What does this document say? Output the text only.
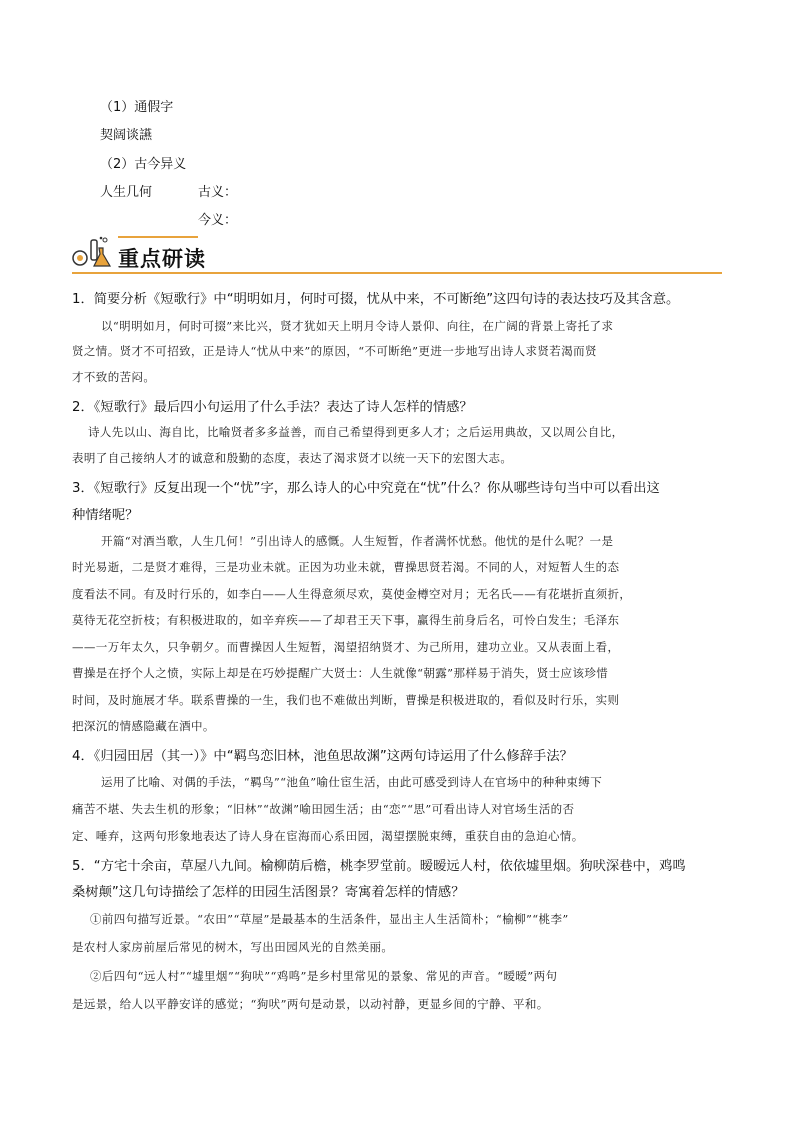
（1）通假字
契阔谈讌
（2）古今异义
人生几何	古义：
今义：
重点研读
1．简要分析《短歌行》中“明明如月，何时可掇，忧从中来，不可断绝”这四句诗的表达技巧及其含意。
以“明明如月，何时可掇”来比兴，贤才犹如天上明月令诗人景仰、向往，在广阔的背景上寄托了求
贤之情。贤才不可招致，正是诗人“忧从中来”的原因，“不可断绝”更进一步地写出诗人求贤若渴而贤
才不致的苦闷。
2．《短歌行》最后四小句运用了什么手法？表达了诗人怎样的情感？
诗人先以山、海自比，比喻贤者多多益善，而自己希望得到更多人才；之后运用典故，又以周公自比，
表明了自己接纳人才的诚意和殷勤的态度，表达了渴求贤才以统一天下的宏图大志。
3．《短歌行》反复出现一个“忧”字，那么诗人的心中究竟在“忧”什么？你从哪些诗句当中可以看出这
种情绪呢？
开篇“对酒当歌，人生几何！”引出诗人的感慨。人生短暂，作者满怀忧愁。他忧的是什么呢？一是
时光易逝，二是贤才难得，三是功业未就。正因为功业未就，曹操思贤若渴。不同的人，对短暂人生的态
度看法不同。有及时行乐的，如李白——人生得意须尽欢，莫使金樽空对月；无名氏——有花堪折直须折，
莫待无花空折枝；有积极进取的，如辛弃疾——了却君王天下事，赢得生前身后名，可怜白发生；毛泽东
——一万年太久，只争朝夕。而曹操因人生短暂，渴望招纳贤才、为己所用，建功立业。又从表面上看，
曹操是在抒个人之愤，实际上却是在巧妙提醒广大贤士：人生就像“朝露”那样易于消失，贤士应该珍惜
时间，及时施展才华。联系曹操的一生，我们也不难做出判断，曹操是积极进取的，看似及时行乐，实则
把深沉的情感隐藏在酒中。
4．《归园田居（其一）》中“羁鸟恋旧林，池鱼思故渊”这两句诗运用了什么修辞手法？
运用了比喻、对偶的手法，“羁鸟”“池鱼”喻仕宦生活，由此可感受到诗人在官场中的种种束缚下
痛苦不堪、失去生机的形象；“旧林”“故渊”喻田园生活；由“恋”“思”可看出诗人对官场生活的否
定、唾弃，这两句形象地表达了诗人身在宦海而心系田园，渴望摆脱束缚，重获自由的急迫心情。
5．“方宅十余亩，草屋八九间。榆柳荫后檐，桃李罗堂前。暧暧远人村，依依墟里烟。狗吠深巷中，鸡鸣
桑树颠”这几句诗描绘了怎样的田园生活图景？寄寓着怎样的情感？
①前四句描写近景。“农田”“草屋”是最基本的生活条件，显出主人生活简朴；“榆柳”“桃李”
是农村人家房前屋后常见的树木，写出田园风光的自然美丽。
②后四句“远人村”“墟里烟”“狗吠”“鸡鸣”是乡村里常见的景象、常见的声音。“暧暧”两句
是远景，给人以平静安详的感觉；“狗吠”两句是动景，以动衬静，更显乡间的宁静、平和。
